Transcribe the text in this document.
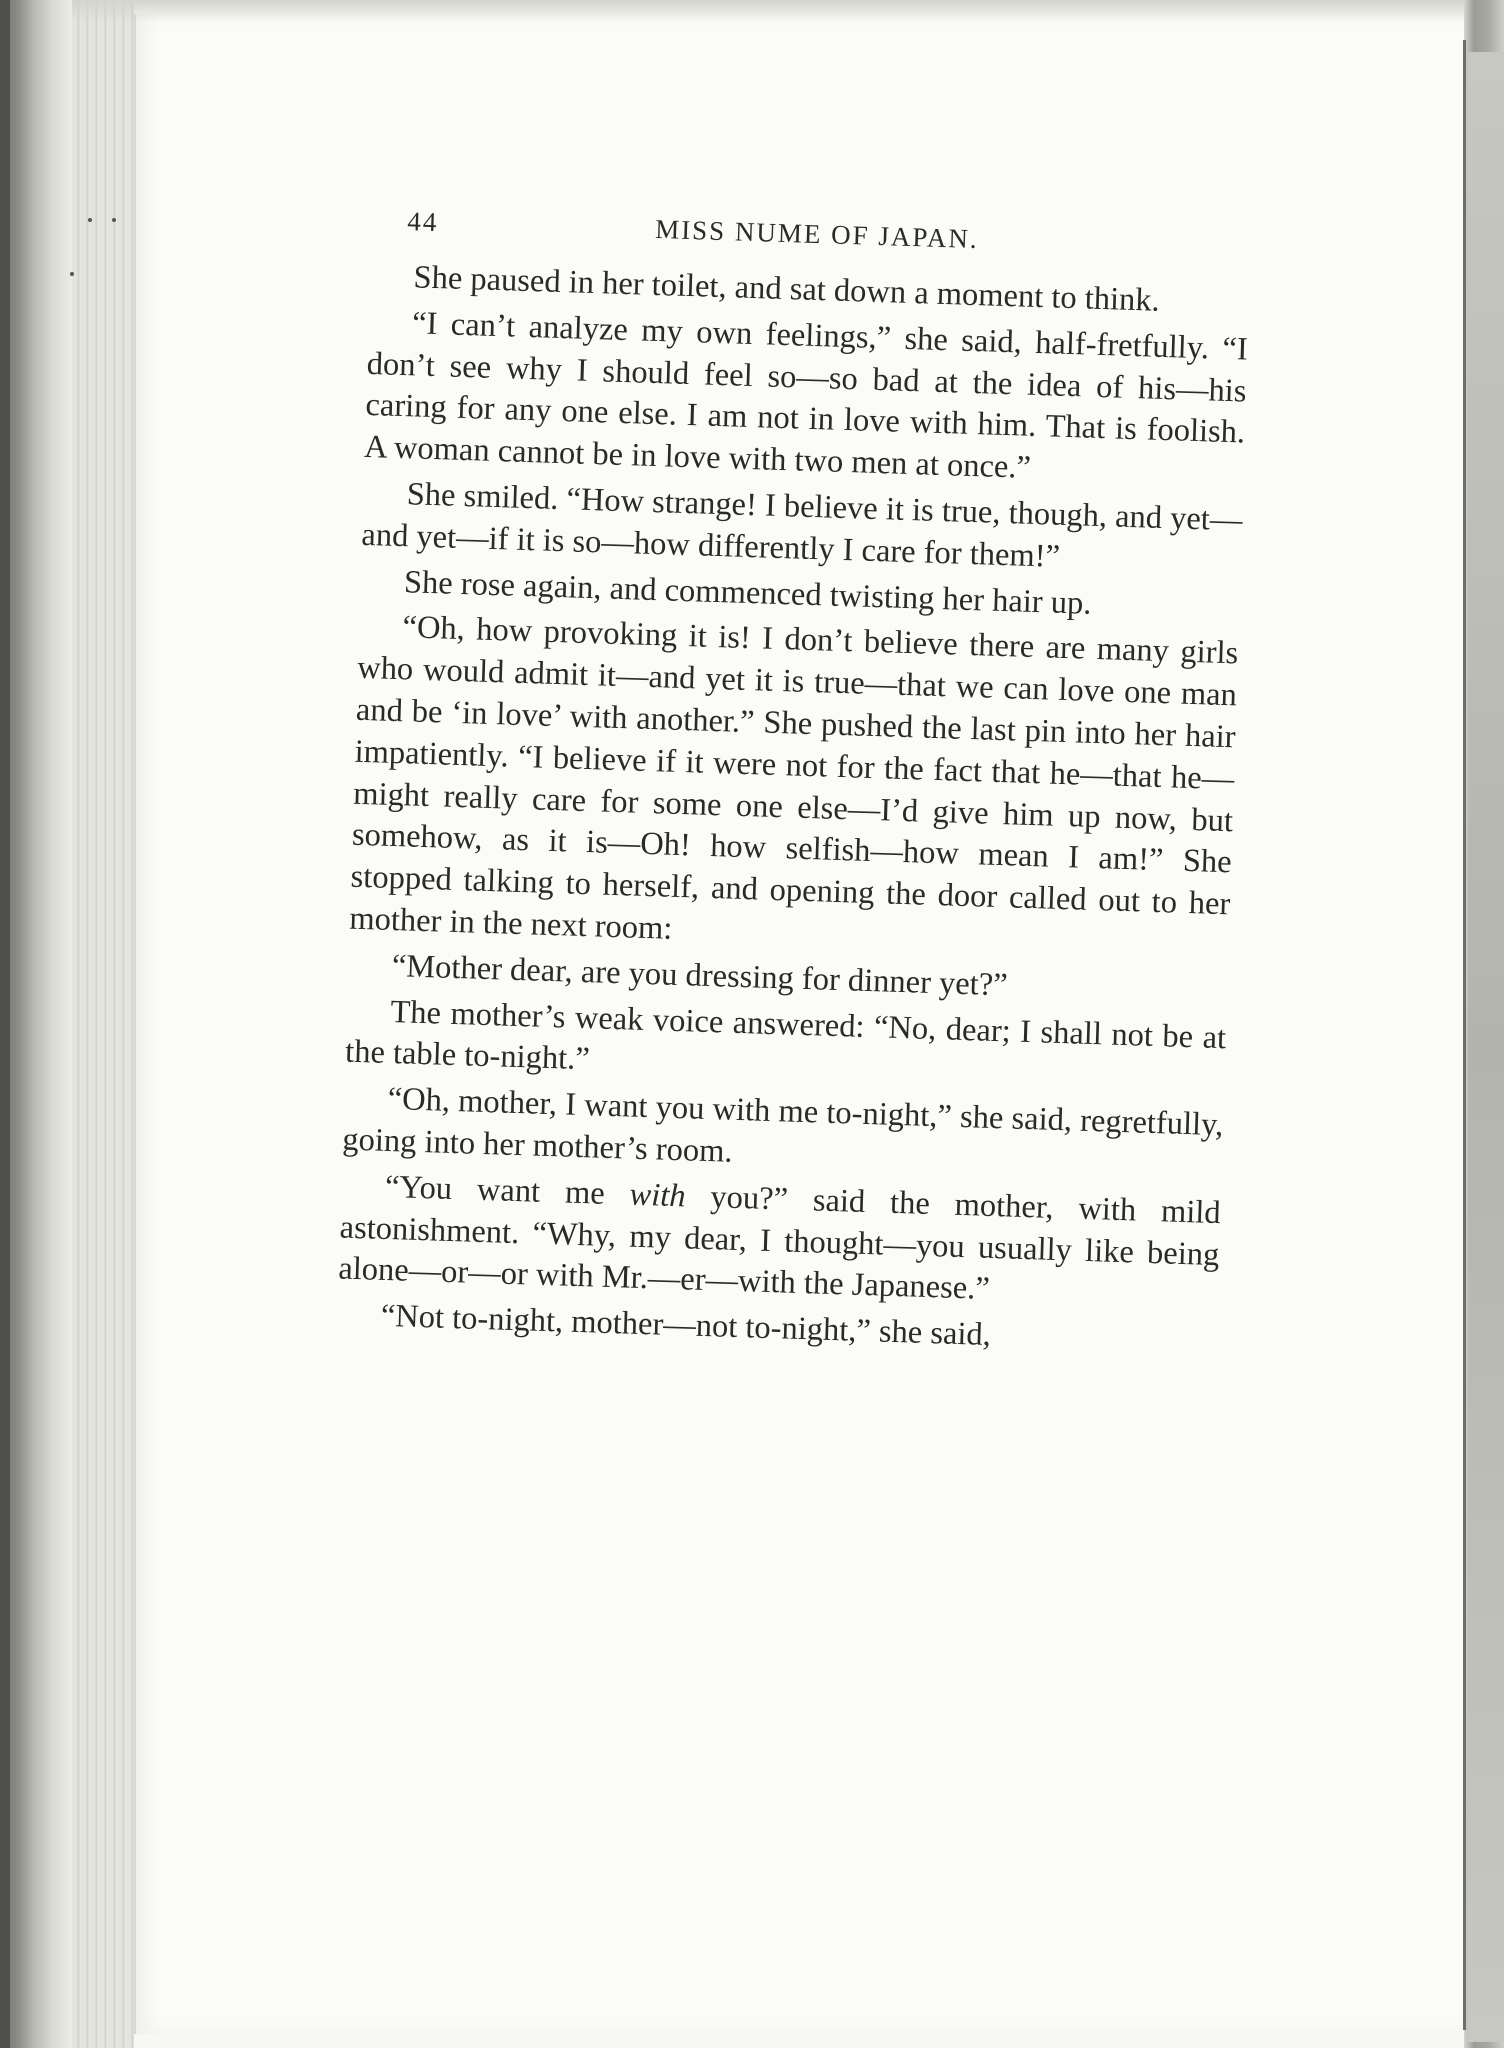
44	MISS NUME OF JAPAN.

She paused in her toilet, and sat down a moment to think.

“I can’t analyze my own feelings,” she said, half-fretfully. “I don’t see why I should feel so—so bad at the idea of his—his caring for any one else. I am not in love with him. That is foolish. A woman cannot be in love with two men at once.”

She smiled. “How strange! I believe it is true, though, and yet—and yet—if it is so—how differently I care for them!”

She rose again, and commenced twisting her hair up.

“Oh, how provoking it is! I don’t believe there are many girls who would admit it—and yet it is true—that we can love one man and be ‘in love’ with another.” She pushed the last pin into her hair impatiently. “I believe if it were not for the fact that he—that he—might really care for some one else—I’d give him up now, but somehow, as it is—Oh! how selfish—how mean I am!” She stopped talking to herself, and opening the door called out to her mother in the next room:

“Mother dear, are you dressing for dinner yet?”

The mother’s weak voice answered: “No, dear; I shall not be at the table to-night.”

“Oh, mother, I want you with me to-night,” she said, regretfully, going into her mother’s room.

“You want me with you?” said the mother, with mild astonishment. “Why, my dear, I thought—you usually like being alone—or—or with Mr.—er—with the Japanese.”

“Not to-night, mother—not to-night,” she said,
